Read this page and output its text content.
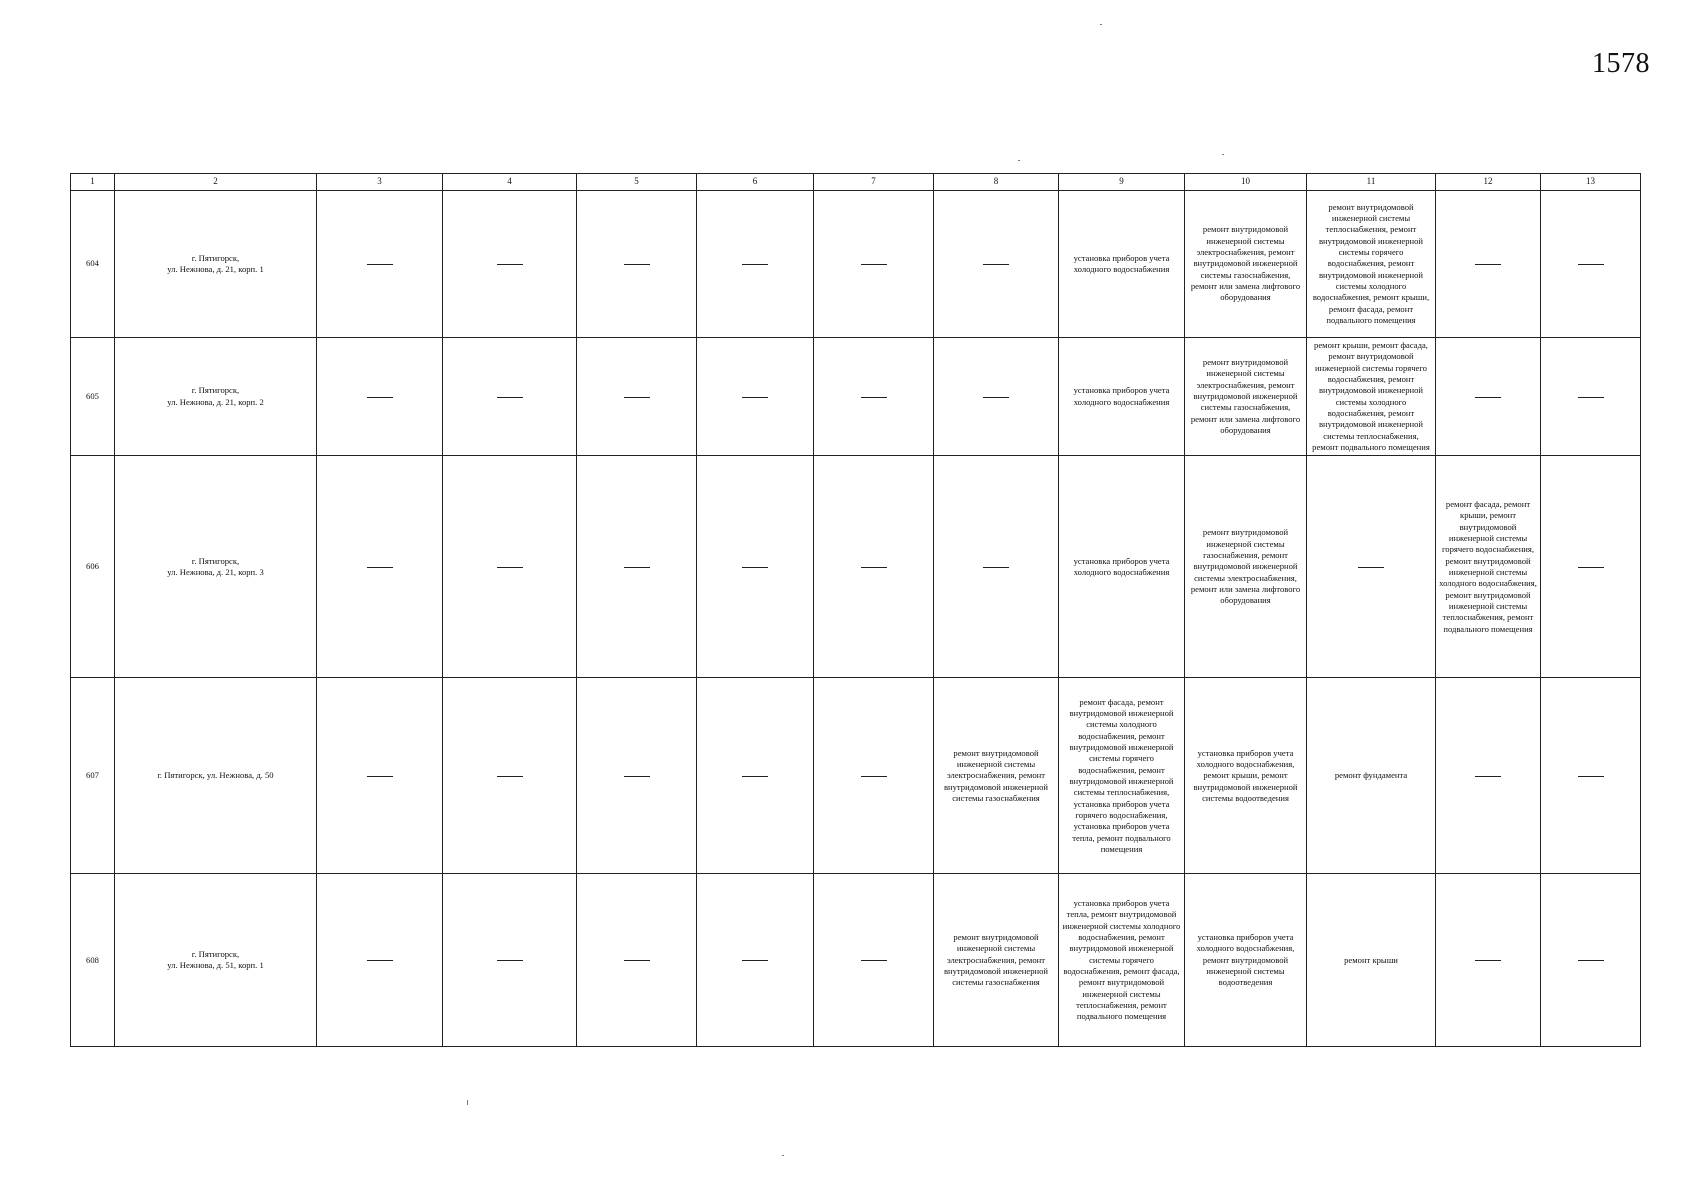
1578
1	2	3	4	5	6	7	8	9	10	11	12	13
604	г. Пятигорск,
ул. Нежнова, д. 21, корп. 1							установка приборов учета холодного водоснабжения	ремонт внутридомовой инженерной системы электроснабжения, ремонт внутридомовой инженерной системы газоснабжения, ремонт или замена лифтового оборудования	ремонт внутридомовой инженерной системы теплоснабжения, ремонт внутридомовой инженерной системы горячего водоснабжения, ремонт внутридомовой инженерной системы холодного водоснабжения, ремонт крыши, ремонт фасада, ремонт подвального помещения		
605	г. Пятигорск,
ул. Нежнова, д. 21, корп. 2							установка приборов учета холодного водоснабжения	ремонт внутридомовой инженерной системы электроснабжения, ремонт внутридомовой инженерной системы газоснабжения, ремонт или замена лифтового оборудования	ремонт крыши, ремонт фасада, ремонт внутридомовой инженерной системы горячего водоснабжения, ремонт внутридомовой инженерной системы холодного водоснабжения, ремонт внутридомовой инженерной системы теплоснабжения, ремонт подвального помещения		
606	г. Пятигорск,
ул. Нежнова, д. 21, корп. 3							установка приборов учета холодного водоснабжения	ремонт внутридомовой инженерной системы газоснабжения, ремонт внутридомовой инженерной системы электроснабжения, ремонт или замена лифтового оборудования		ремонт фасада, ремонт крыши, ремонт внутридомовой инженерной системы горячего водоснабжения, ремонт внутридомовой инженерной системы холодного водоснабжения, ремонт внутридомовой инженерной системы теплоснабжения, ремонт подвального помещения	
607	г. Пятигорск, ул. Нежнова, д. 50						ремонт внутридомовой инженерной системы электроснабжения, ремонт внутридомовой инженерной системы газоснабжения	ремонт фасада, ремонт внутридомовой инженерной системы холодного водоснабжения, ремонт внутридомовой инженерной системы горячего водоснабжения, ремонт внутридомовой инженерной системы теплоснабжения, установка приборов учета горячего водоснабжения, установка приборов учета тепла, ремонт подвального помещения	установка приборов учета холодного водоснабжения, ремонт крыши, ремонт внутридомовой инженерной системы водоотведения	ремонт фундамента		
608	г. Пятигорск,
ул. Нежнова, д. 51, корп. 1						ремонт внутридомовой инженерной системы электроснабжения, ремонт внутридомовой инженерной системы газоснабжения	установка приборов учета тепла, ремонт внутридомовой инженерной системы холодного водоснабжения, ремонт внутридомовой инженерной системы горячего водоснабжения, ремонт фасада, ремонт внутридомовой инженерной системы теплоснабжения, ремонт подвального помещения	установка приборов учета холодного водоснабжения, ремонт внутридомовой инженерной системы водоотведения	ремонт крыши		
